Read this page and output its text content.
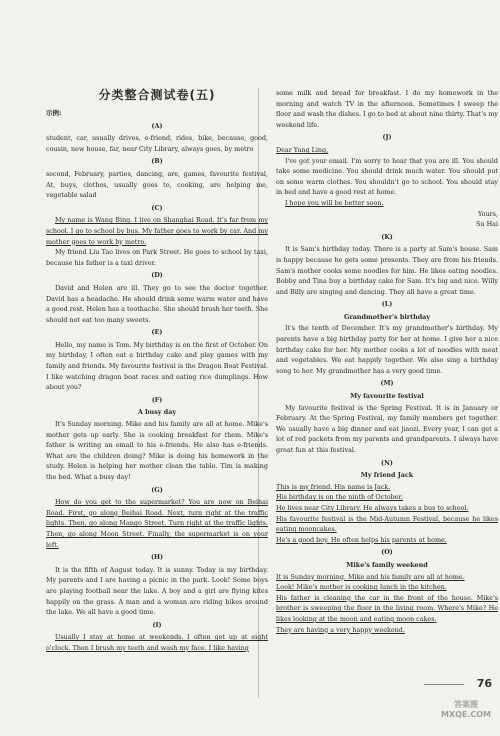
分类整合测试卷(五)
示例:
(A)

student, car, usually drives, e-friend, rides, bike, because, good, cousin, new house, far, near City Library, always goes, by metro

(B)

second, February, parties, dancing, are, games, favourite festival, At, buys, clothes, usually goes to, cooking, are helping me, vegetable salad

(C)

My name is Wang Bing. I live on Shanghai Road. It's far from my school. I go to school by bus. My father goes to work by car. And my mother goes to work by metro.

My friend Liu Tao lives on Park Street. He goes to school by taxi, because his father is a taxi driver.

(D)

David and Helen are ill. They go to see the doctor together. David has a headache. He should drink some warm water and have a good rest. Helen has a toothache. She should brush her teeth. She should not eat too many sweets.

(E)

Hello, my name is Tom. My birthday is on the first of October. On my birthday, I often eat a birthday cake and play games with my family and friends. My favourite festival is the Dragon Boat Festival. I like watching dragon boat races and eating rice dumplings. How about you?

(F)
A busy day

It's Sunday morning. Mike and his family are all at home. Mike's mother gets up early. She is cooking breakfast for them. Mike's father is writing an email to his e-friends. He also has e-friends. What are the children doing? Mike is doing his homework in the study. Helen is helping her mother clean the table. Tim is making the bed. What a busy day!

(G)

How do you get to the supermarket? You are now on Beihai Road. First, go along Beihai Road. Next, turn right at the traffic lights. Then, go along Mango Street. Turn right at the traffic lights. Then, go along Moon Street. Finally, the supermarket is on your left.

(H)

It is the fifth of August today. It is sunny. Today is my birthday. My parents and I are having a picnic in the park. Look! Some boys are playing football near the lake. A boy and a girl are flying kites happily on the grass. A man and a woman are riding bikes around the lake. We all have a good time.

(I)

Usually I stay at home at weekends. I often get up at eight o'clock. Then I brush my teeth and wash my face. I like having

some milk and bread for breakfast. I do my homework in the morning and watch TV in the afternoon. Sometimes I sweep the floor and wash the dishes. I go to bed at about nine thirty. That's my weekend life.

(J)

Dear Yang Ling,

I've got your email. I'm sorry to hear that you are ill. You should take some medicine. You should drink much water. You should put on some warm clothes. You shouldn't go to school. You should stay in bed and have a good rest at home.

I hope you will be better soon.

Yours,

Su Hai

(K)

It is Sam's birthday today. There is a party at Sam's house. Sam is happy because he gets some presents. They are from his friends. Sam's mother cooks some noodles for him. He likes eating noodles. Bobby and Tina buy a birthday cake for Sam. It's big and nice. Willy and Billy are singing and dancing. They all have a great time.

(L)
Grandmother's birthday

It's the tenth of December. It's my grandmother's birthday. My parents have a big birthday party for her at home. I give her a nice birthday cake for her. My mother cooks a lot of noodles with meat and vegetables. We eat happily together. We also sing a birthday song to her. My grandmother has a very good time.

(M)
My favourite festival

My favourite festival is the Spring Festival. It is in January or February. At the Spring Festival, my family members get together. We usually have a big dinner and eat jiaozi. Every year, I can get a lot of red packets from my parents and grandparents. I always have great fun at this festival.

(N)
My friend Jack

This is my friend. His name is Jack.

His birthday is on the ninth of October.

He lives near City Library. He always takes a bus to school.

His favourite festival is the Mid-Autumn Festival, because he likes eating mooncakes.

He's a good boy. He often helps his parents at home.

(O)
Mike's family weekend

It is Sunday morning. Mike and his family are all at home.

Look! Mike's mother is cooking lunch in the kitchen.

His father is cleaning the car in the front of the house. Mike's brother is sweeping the floor in the living room. Where's Mike? He likes looking at the moon and eating moon cakes.

They are having a very happy weekend.

76
答案圈 MXQE.COM
